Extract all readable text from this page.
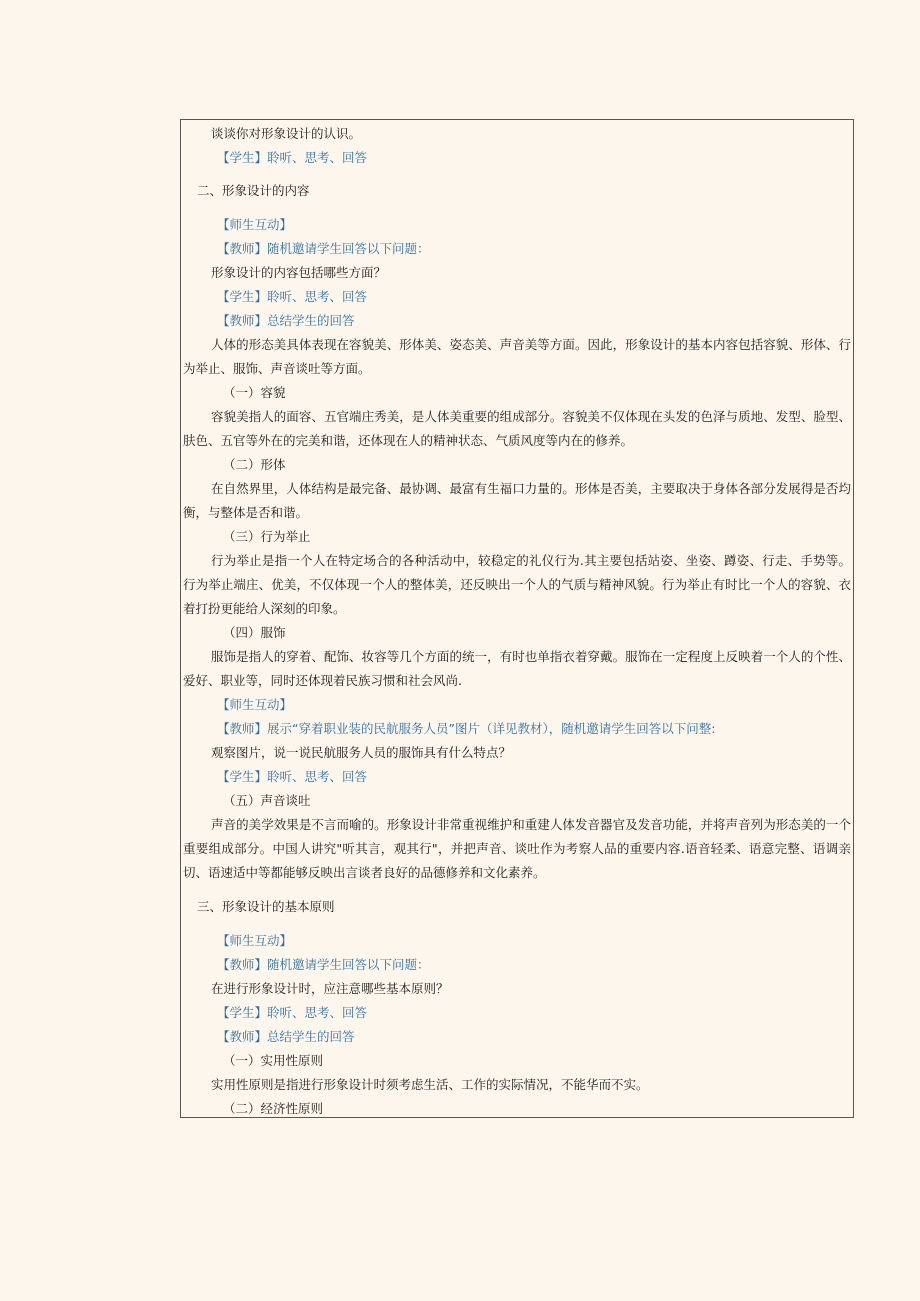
谈谈你对形象设计的认识。
【学生】聆听、思考、回答
二、形象设计的内容
【师生互动】
【教师】随机邀请学生回答以下问题：
形象设计的内容包括哪些方面？
【学生】聆听、思考、回答
【教师】总结学生的回答
人体的形态美具体表现在容貌美、形体美、姿态美、声音美等方面。因此，形象设计的基本内容包括容貌、形体、行为举止、服饰、声音谈吐等方面。
（一）容貌
容貌美指人的面容、五官端庄秀美，是人体美重要的组成部分。容貌美不仅体现在头发的色泽与质地、发型、脸型、肤色、五官等外在的完美和谐，还体现在人的精神状态、气质风度等内在的修养。
（二）形体
在自然界里，人体结构是最完备、最协调、最富有生福口力量的。形体是否美，主要取决于身体各部分发展得是否均衡，与整体是否和谐。
（三）行为举止
行为举止是指一个人在特定场合的各种活动中，较稳定的礼仪行为.其主要包括站姿、坐姿、蹲姿、行走、手势等。行为举止端庄、优美，不仅体现一个人的整体美，还反映出一个人的气质与精神风貌。行为举止有时比一个人的容貌、衣着打扮更能给人深刻的印象。
（四）服饰
服饰是指人的穿着、配饰、妆容等几个方面的统一，有时也单指衣着穿戴。服饰在一定程度上反映着一个人的个性、爱好、职业等，同时还体现着民族习惯和社会风尚.
【师生互动】
【教师】展示“穿着职业装的民航服务人员”图片（详见教材），随机邀请学生回答以下问整:
观察图片，说一说民航服务人员的服饰具有什么特点？
【学生】聆听、思考、回答
（五）声音谈吐
声音的美学效果是不言而喻的。形象设计非常重视维护和重建人体发音器官及发音功能，并将声音列为形态美的一个重要组成部分。中国人讲究"听其言，观其行"，并把声音、谈吐作为考察人品的重要内容.语音轻柔、语意完整、语调亲切、语速适中等都能够反映出言谈者良好的品德修养和文化素养。
三、形象设计的基本原则
【师生互动】
【教师】随机邀请学生回答以下问题：
在进行形象设计时，应注意哪些基本原则？
【学生】聆听、思考、回答
【教师】总结学生的回答
（一）实用性原则
实用性原则是指进行形象设计时须考虑生活、工作的实际情况，不能华而不实。
（二）经济性原则
